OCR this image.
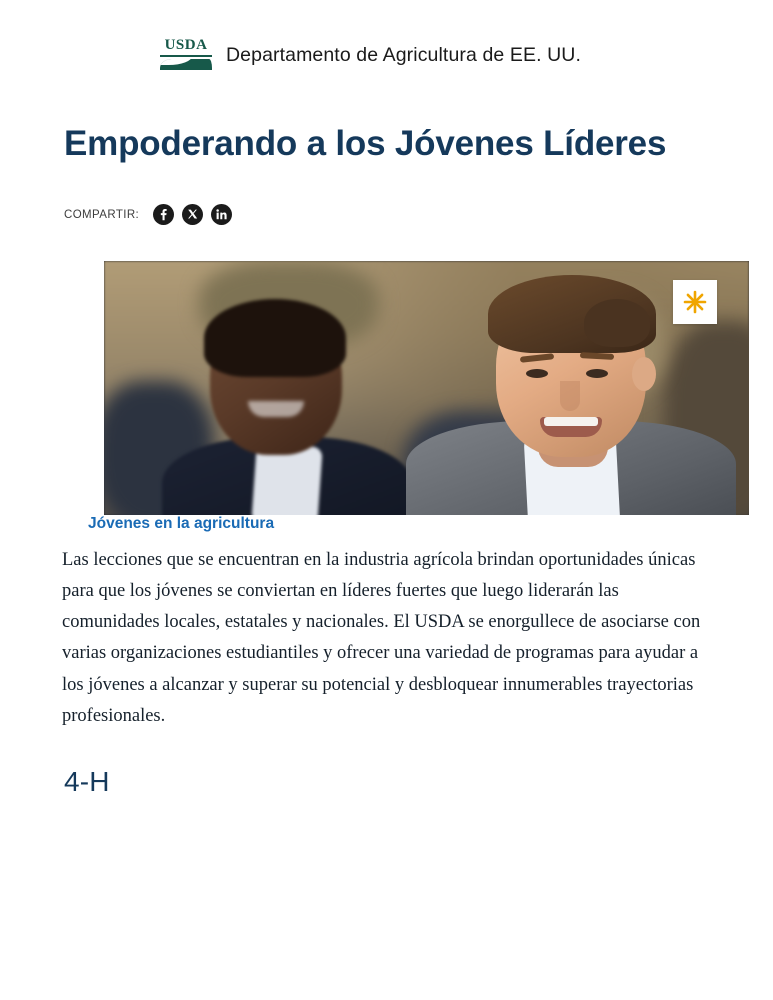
USDA Departamento de Agricultura de EE. UU.
Empoderando a los Jóvenes Líderes
COMPARTIR:
Jóvenes en la agricultura

Las lecciones que se encuentran en la industria agrícola brindan oportunidades únicas para que los jóvenes se conviertan en líderes fuertes que luego liderarán las comunidades locales, estatales y nacionales. El USDA se enorgullece de asociarse con varias organizaciones estudiantiles y ofrecer una variedad de programas para ayudar a los jóvenes a alcanzar y superar su potencial y desbloquear innumerables trayectorias profesionales.

4-H
